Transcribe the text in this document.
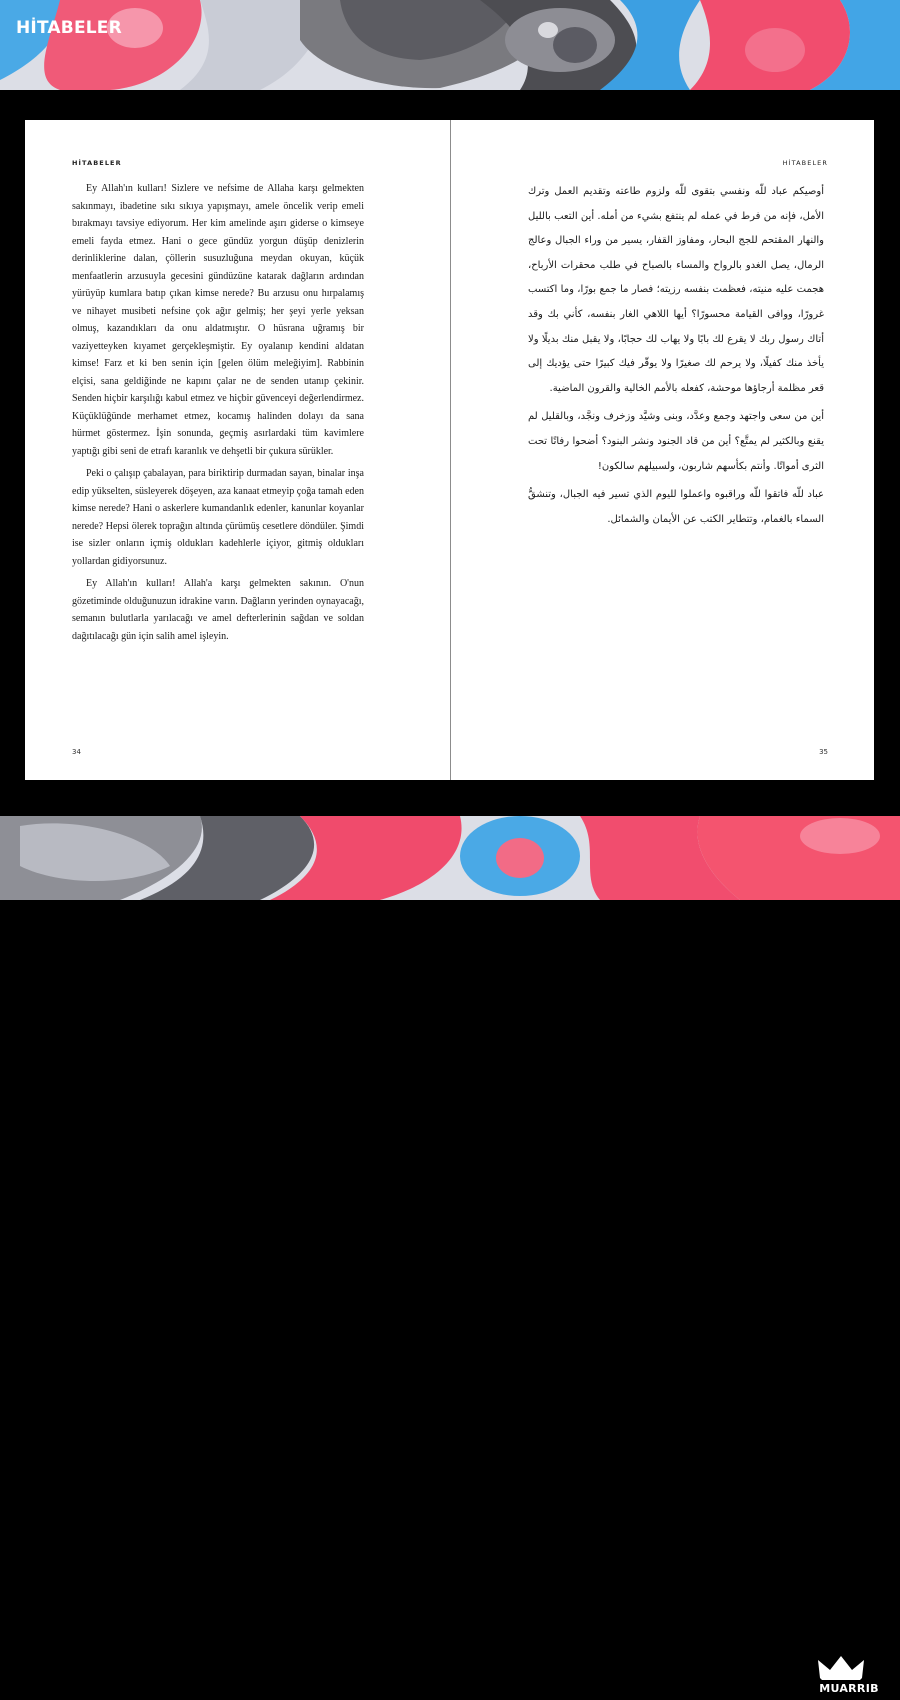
HİTABELER
HİTABELER

Ey Allah'ın kulları! Sizlere ve nefsime de Allaha karşı gelmekten sakınmayı, ibadetine sıkı sıkıya yapışmayı, amele öncelik verip emeli bırakmayı tavsiye ediyorum. Her kim amelinde aşırı giderse o kimseye emeli fayda etmez. Hani o gece gündüz yorgun düşüp denizlerin derinliklerine dalan, çöllerin susuzluğuna meydan okuyan, küçük menfaatlerin arzusuyla gecesini gündüzüne katarak dağların ardından yürüyüp kumlara batıp çıkan kimse nerede? Bu arzusu onu hırpalamış ve nihayet musibeti nefsine çok ağır gelmiş; her şeyi yerle yeksan olmuş, kazandıkları da onu aldatmıştır. O hüsrana uğramış bir vaziyetteyken kıyamet gerçekleşmiştir. Ey oyalanıp kendini aldatan kimse! Farz et ki ben senin için [gelen ölüm meleğiyim]. Rabbinin elçisi, sana geldiğinde ne kapını çalar ne de senden utanıp çekinir. Senden hiçbir karşılığı kabul etmez ve hiçbir güvenceyi değerlendirmez. Küçüklüğünde merhamet etmez, kocamış halinden dolayı da sana hürmet göstermez. İşin sonunda, geçmiş asırlardaki tüm kavimlere yaptığı gibi seni de etrafı karanlık ve dehşetli bir çukura sürükler.

Peki o çalışıp çabalayan, para biriktirip durmadan sayan, binalar inşa edip yükselten, süsleyerek döşeyen, aza kanaat etmeyip çoğa tamah eden kimse nerede? Hani o askerlere kumandanlık edenler, kanunlar koyanlar nerede? Hepsi ölerek toprağın altında çürümüş cesetlere döndüler. Şimdi ise sizler onların içmiş oldukları kadehlerle içiyor, gitmiş oldukları yollardan gidiyorsunuz.

Ey Allah'ın kulları! Allah'a karşı gelmekten sakının. O'nun gözetiminde olduğunuzun idrakine varın. Dağların yerinden oynayacağı, semanın bulutlarla yarılacağı ve amel defterlerinin sağdan ve soldan dağıtılacağı gün için salih amel işleyin.

34
HİTABELER

أوصيكم عباد للّه ونفسي بتقوى للّه ولزوم طاعته وتقديم العمل وترك الأمل، فإنه من فرط في عمله لم ينتفع بشيء من أمله. أين التعب بالليل والنهار المقتحم للجج البحار، ومفاوز القفار، يسير من وراء الجبال وعالج الرمال، يصل الغدو بالرواح والمساء بالصباح في طلب محقرات الأرباح، هجمت عليه منيته، فعظمت بنفسه رزيته؛ فصار ما جمع بورًا، وما اكتسب غرورًا، ووافى القيامة محسورًا؟ أيها اللاهي الغار بنفسه، كأني بك وقد أتاك رسول ربك لا يقرع لك بابًا ولا يهاب لك حجابًا، ولا يقبل منك بديلًا ولا يأخذ منك كفيلًا، ولا يرحم لك صغيرًا ولا يوقّر فيك كبيرًا حتى يؤديك إلى قعر مظلمة أرجاؤها موحشة، كفعله بالأمم الخالية والقرون الماضية.

أين من سعى واجتهد وجمع وعدَّد، وبنى وشيَّد وزخرف ونجَّد، وبالقليل لم يقنع وبالكثير لم يمتَّع؟ أين من قاد الجنود ونشر البنود؟ أضحوا رفاتًا تحت الثرى أمواتًا. وأنتم بكأسهم شاربون، ولسبيلهم سالكون!

عباد للّه فاتقوا للّه وراقبوه واعملوا لليوم الذي تسير فيه الجبال، وتنشقُّ السماء بالغمام، وتتطاير الكتب عن الأيمان والشمائل.

35
MUARRIB
